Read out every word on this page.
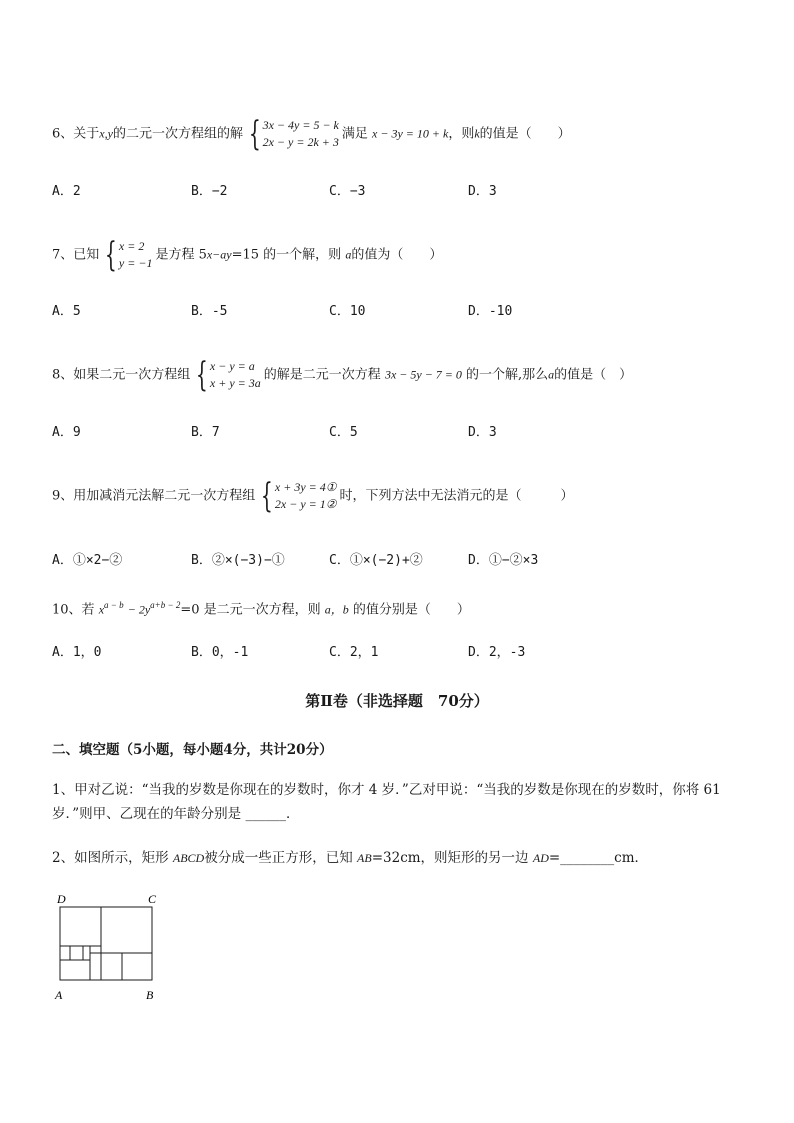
6、关于x,y的二元一次方程组的解 { 3x − 4y = 5 − k
2x − y = 2k + 3
满足 x − 3y = 10 + k，则k的值是（　　）
A．2	B．−2	C．−3	D．3
7、已知 { x = 2
y = −1
是方程 5x−ay=15 的一个解，则 a的值为（　　）
A．5	B．-5	C．10	D．-10
8、如果二元一次方程组 { x − y = a
x + y = 3a
的解是二元一次方程 3x − 5y − 7 = 0 的一个解,那么a的值是（　）
A．9	B．7	C．5	D．3
9、用加减消元法解二元一次方程组 { x + 3y = 4①
2x − y = 1②
时，下列方法中无法消元的是（　　　）
A．①×2−②	B．②×(−3)−①	C．①×(−2)+②	D．①−②×3
10、若 $x^{a - b} - 2y^{a+b - 2}=0$ 是二元一次方程，则 a，b 的值分别是（　　）
A．1，0	B．0，-1	C．2，1	D．2，-3
第Ⅱ卷（非选择题　70分）
二、填空题（5小题，每小题4分，共计20分）
1、甲对乙说：“当我的岁数是你现在的岁数时，你才 4 岁．”乙对甲说：“当我的岁数是你现在的岁数时，你将 61 岁．”则甲、乙现在的年龄分别是 ______．
2、如图所示，矩形 ABCD被分成一些正方形，已知 AB=32cm，则矩形的另一边 AD=________cm．
D	C
A	B
